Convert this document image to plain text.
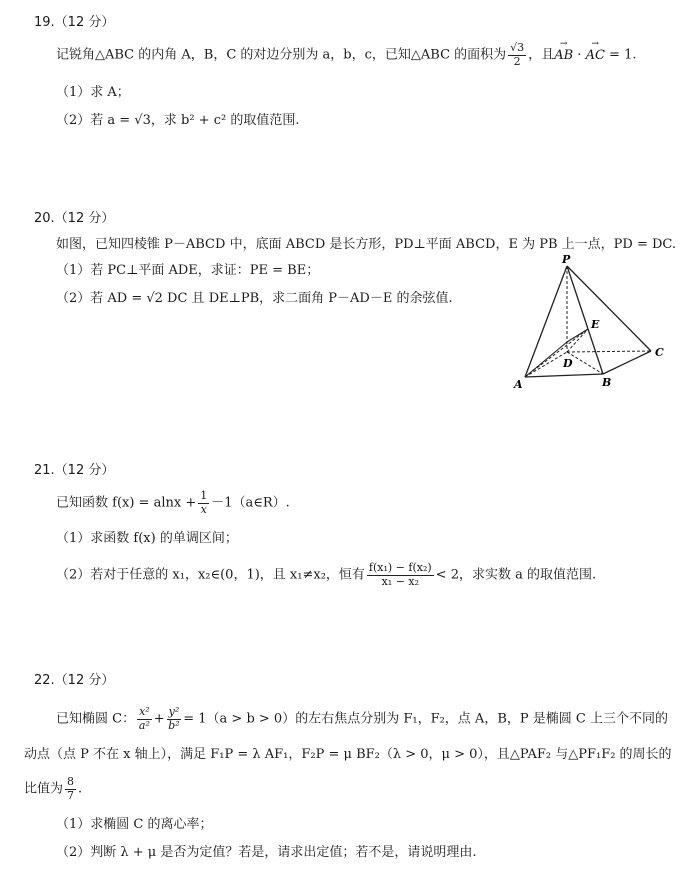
19.（12 分）
记锐角△ABC 的内角 A，B，C 的对边分别为 a，b，c，已知△ABC 的面积为 $\frac{√3}{2}$ ，且→ AB · → AC = 1.
（1）求 A；
（2）若 a = √3，求 b² + c² 的取值范围.
20.（12 分）
如图，已知四棱锥 P－ABCD 中，底面 ABCD 是长方形，PD⊥平面 ABCD，E 为 PB 上一点，PD = DC.
（1）若 PC⊥平面 ADE，求证：PE = BE；
（2）若 AD = √2 DC 且 DE⊥PB，求二面角 P－AD－E 的余弦值.
P
E
D
C
A	B
21.（12 分）
已知函数 $f(x) = alnx + \frac{1}{x}$ －1（a∈R）.
（1）求函数 f(x) 的单调区间；
（2）若对于任意的 x₁，x₂∈(0，1)，且 x₁≠x₂，恒有 $\frac{\text{f(x₁) − f(x₂)}}{\text{x₁ − x₂}} < 2$，求实数 a 的取值范围.
22.（12 分）
已知椭圆 C： $\frac{\text{x²}}{\text{a²}} + \frac{\text{y²}}{\text{b²}} = 1(a > b > 0)$的左右焦点分别为 F₁，F₂，点 A，B，P 是椭圆 C 上三个不同的
动点（点 P 不在 x 轴上），满足 F₁P = λ AF₁，F₂P = μ BF₂（λ > 0，μ > 0），且△PAF₂ 与△PF₁F₂ 的周长的
比值为 $\frac{8}{7}$ .
（1）求椭圆 C 的离心率；
（2）判断 λ + μ 是否为定值？若是，请求出定值；若不是，请说明理由.
